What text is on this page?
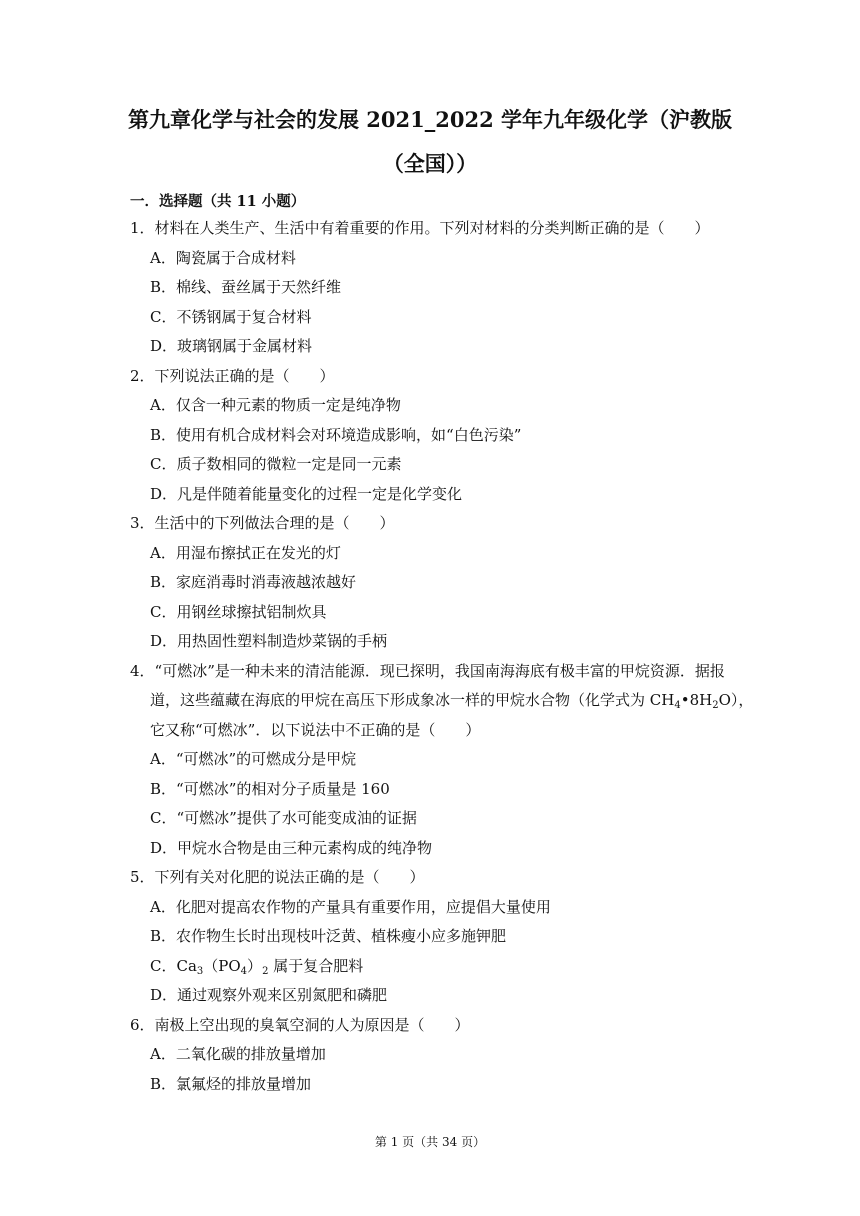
第九章化学与社会的发展 2021_2022 学年九年级化学（沪教版
（全国））
一．选择题（共 11 小题）
1．材料在人类生产、生活中有着重要的作用。下列对材料的分类判断正确的是（　　）
A．陶瓷属于合成材料
B．棉线、蚕丝属于天然纤维
C．不锈钢属于复合材料
D．玻璃钢属于金属材料
2．下列说法正确的是（　　）
A．仅含一种元素的物质一定是纯净物
B．使用有机合成材料会对环境造成影响，如“白色污染”
C．质子数相同的微粒一定是同一元素
D．凡是伴随着能量变化的过程一定是化学变化
3．生活中的下列做法合理的是（　　）
A．用湿布擦拭正在发光的灯
B．家庭消毒时消毒液越浓越好
C．用钢丝球擦拭铝制炊具
D．用热固性塑料制造炒菜锅的手柄
4．“可燃冰”是一种未来的清洁能源．现已探明，我国南海海底有极丰富的甲烷资源．据报
道，这些蕴藏在海底的甲烷在高压下形成象冰一样的甲烷水合物（化学式为 $CH_4•8H_2O$），
它又称“可燃冰”．以下说法中不正确的是（　　）
A．“可燃冰”的可燃成分是甲烷
B．“可燃冰”的相对分子质量是 160
C．“可燃冰”提供了水可能变成油的证据
D．甲烷水合物是由三种元素构成的纯净物
5．下列有关对化肥的说法正确的是（　　）
A．化肥对提高农作物的产量具有重要作用，应提倡大量使用
B．农作物生长时出现枝叶泛黄、植株瘦小应多施钾肥
C．$Ca_3(PO_4)_2$ 属于复合肥料
D．通过观察外观来区别氮肥和磷肥
6．南极上空出现的臭氧空洞的人为原因是（　　）
A．二氧化碳的排放量增加
B．氯氟烃的排放量增加
第 1 页（共 34 页）
